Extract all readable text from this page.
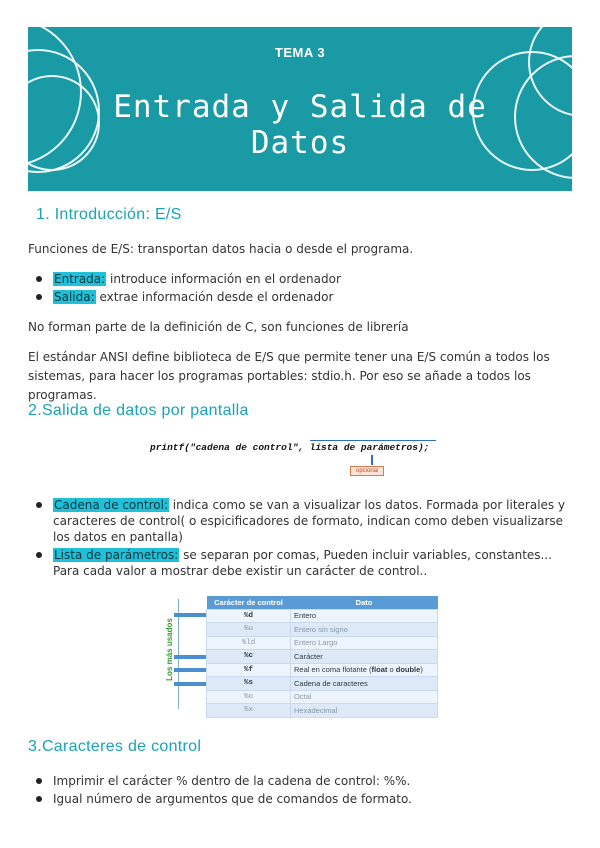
TEMA 3
Entrada y Salida de
Datos
1. Introducción: E/S
Funciones de E/S: transportan datos hacia o desde el programa.
Entrada: introduce información en el ordenador
Salida: extrae información desde el ordenador
No forman parte de la definición de C, son funciones de librería
El estándar ANSI define biblioteca de E/S que permite tener una E/S común a todos los sistemas, para hacer los programas portables: stdio.h. Por eso se añade a todos los programas.
2.Salida de datos por pantalla
printf("cadena de control", lista de parámetros);
opcional
Cadena de control: indica como se van a visualizar los datos. Formada por literales y caracteres de control( o espicificadores de formato, indican como deben visualizarse los datos en pantalla)
Lista de parámetros: se separan por comas, Pueden incluir variables, constantes... Para cada valor a mostrar debe existir un carácter de control..
Los más usados
Carácter de control	Dato
%d	Entero
%u	Entero sin signo
%ld	Entero Largo
%c	Carácter
%f	Real en coma flotante (float o double)
%s	Cadena de caracteres
%o	Octal
%x	Hexadecimal
3.Caracteres de control
Imprimir el carácter % dentro de la cadena de control: %%.
Igual número de argumentos que de comandos de formato.
